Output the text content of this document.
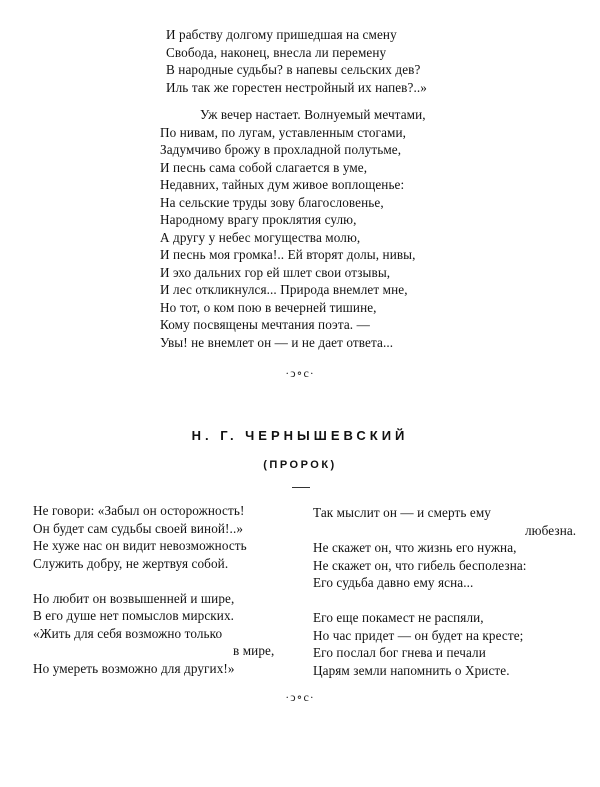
И рабству долгому пришедшая на смену
Свобода, наконец, внесла ли перемену
В народные судьбы? в напевы сельских дев?
Иль так же горестен нестройный их напев?..»
Уж вечер настает. Волнуемый мечтами,
По нивам, по лугам, уставленным стогами,
Задумчиво брожу в прохладной полутьме,
И песнь сама собой слагается в уме,
Недавних, тайных дум живое воплощенье:
На сельские труды зову благословенье,
Народному врагу проклятия сулю,
А другу у небес могущества молю,
И песнь моя громка!.. Ей вторят долы, нивы,
И эхо дальних гор ей шлет свои отзывы,
И лес откликнулся... Природа внемлет мне,
Но тот, о ком пою в вечерней тишине,
Кому посвящены мечтания поэта. —
Увы! не внемлет он — и не дает ответа...
·ↄ∘c·
Н. Г. ЧЕРНЫШЕВСКИЙ
(ПРОРОК)
Не говори: «Забыл он осторожность!
Он будет сам судьбы своей виной!..»
Не хуже нас он видит невозможность
Служить добру, не жертвуя собой.
Но любит он возвышенней и шире,
В его душе нет помыслов мирских.
«Жить для себя возможно только
в мире,
Но умереть возможно для других!»
Так мыслит он — и смерть ему
любезна.
Не скажет он, что жизнь его нужна,
Не скажет он, что гибель бесполезна:
Его судьба давно ему ясна...
Его еще покамест не распяли,
Но час придет — он будет на кресте;
Его послал бог гнева и печали
Царям земли напомнить о Христе.
·ↄ∘c·
